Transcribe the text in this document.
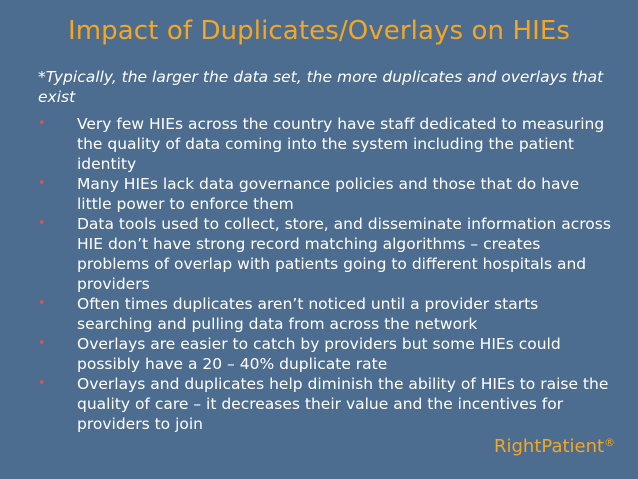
Impact of Duplicates/Overlays on HIEs
*Typically, the larger the data set, the more duplicates and overlays that exist
• Very few HIEs across the country have staff dedicated to measuring the quality of data coming into the system including the patient identity
• Many HIEs lack data governance policies and those that do have little power to enforce them
• Data tools used to collect, store, and disseminate information across HIE don’t have strong record matching algorithms – creates problems of overlap with patients going to different hospitals and providers
• Often times duplicates aren’t noticed until a provider starts searching and pulling data from across the network
• Overlays are easier to catch by providers but some HIEs could possibly have a 20 – 40% duplicate rate
• Overlays and duplicates help diminish the ability of HIEs to raise the quality of care – it decreases their value and the incentives for providers to join
RightPatient®
